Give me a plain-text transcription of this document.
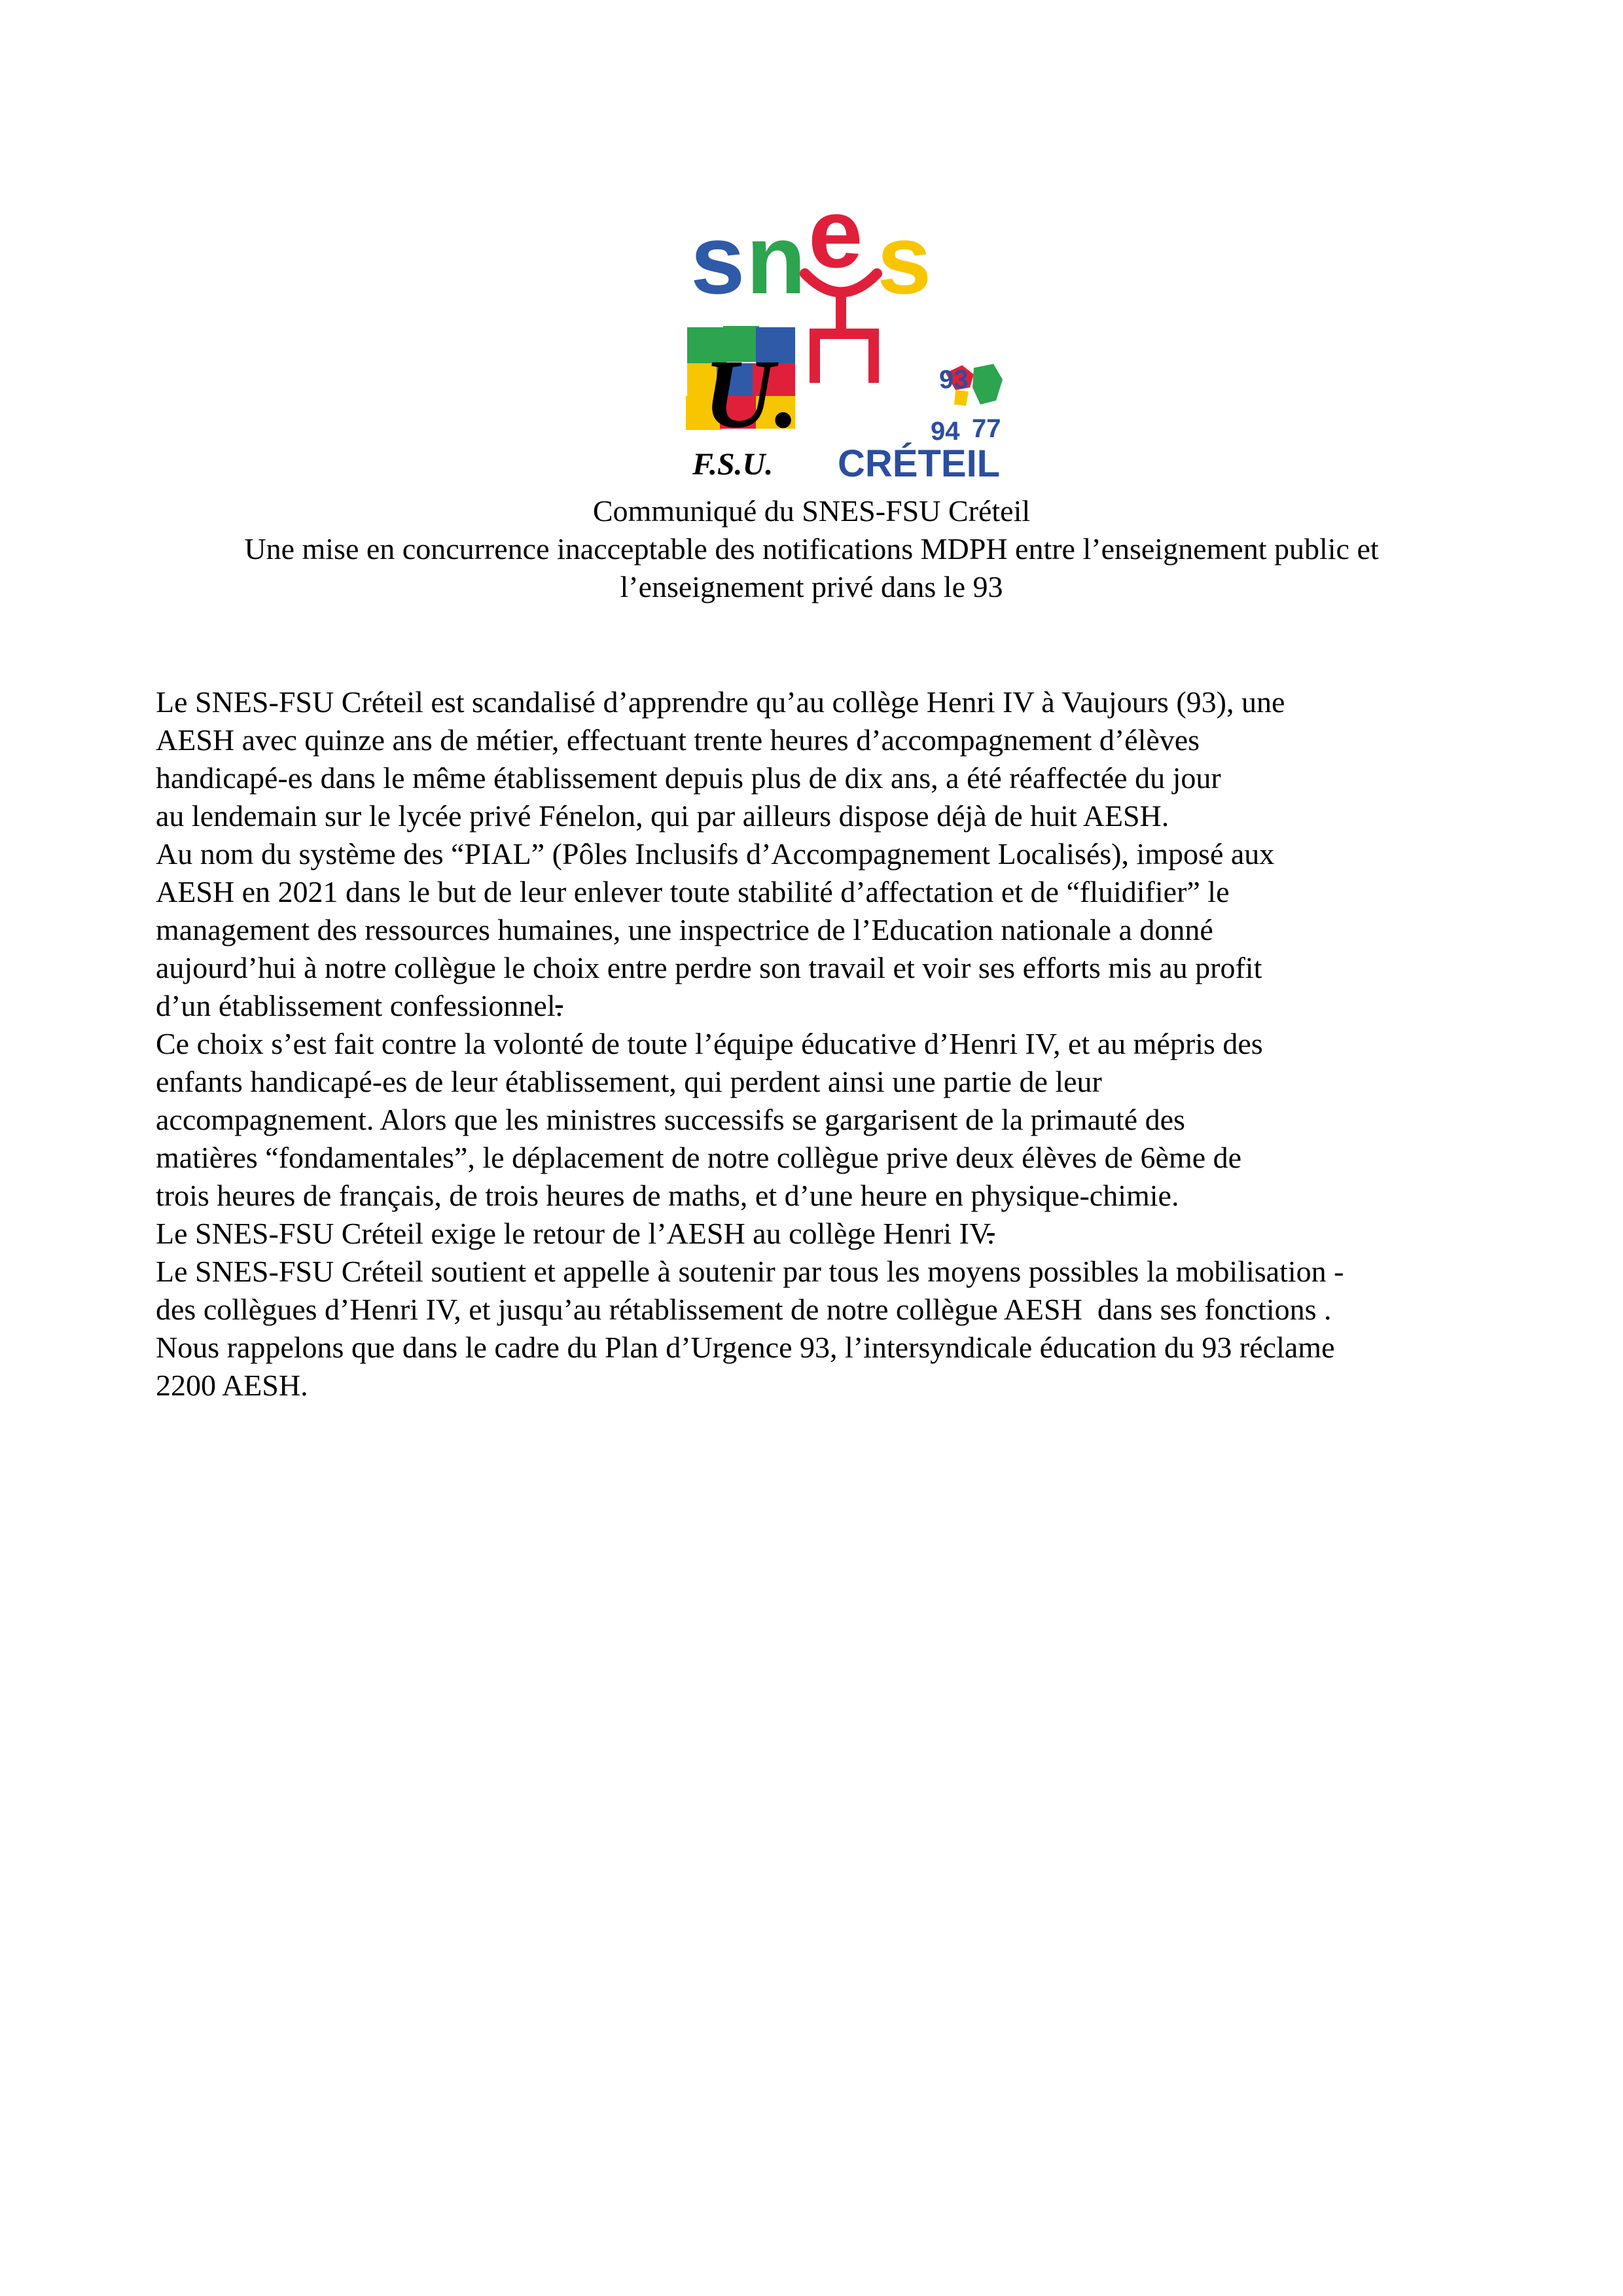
s n e s
U.
F.S.U.
93
94 77
CRÉTEIL
Communiqué du SNES-FSU Créteil
Une mise en concurrence inacceptable des notifications MDPH entre l’enseignement public et
l’enseignement privé dans le 93
Le SNES-FSU Créteil est scandalisé d’apprendre qu’au collège Henri IV à Vaujours (93), une
AESH avec quinze ans de métier, effectuant trente heures d’accompagnement d’élèves
handicapé-es dans le même établissement depuis plus de dix ans, a été réaffectée du jour
au lendemain sur le lycée privé Fénelon, qui par ailleurs dispose déjà de huit AESH.
Au nom du système des “PIAL” (Pôles Inclusifs d’Accompagnement Localisés), imposé aux
AESH en 2021 dans le but de leur enlever toute stabilité d’affectation et de “fluidifier” le
management des ressources humaines, une inspectrice de l’Education nationale a donné
aujourd’hui à notre collègue le choix entre perdre son travail et voir ses efforts mis au profit
d’un établissement confessionnel.
Ce choix s’est fait contre la volonté de toute l’équipe éducative d’Henri IV, et au mépris des
enfants handicapé-es de leur établissement, qui perdent ainsi une partie de leur
accompagnement. Alors que les ministres successifs se gargarisent de la primauté des
matières “fondamentales”, le déplacement de notre collègue prive deux élèves de 6ème de
trois heures de français, de trois heures de maths, et d’une heure en physique-chimie.
Le SNES-FSU Créteil exige le retour de l’AESH au collège Henri IV.
Le SNES-FSU Créteil soutient et appelle à soutenir par tous les moyens possibles la mobilisation -
des collègues d’Henri IV, et jusqu’au rétablissement de notre collègue AESH  dans ses fonctions .
Nous rappelons que dans le cadre du Plan d’Urgence 93, l’intersyndicale éducation du 93 réclame
2200 AESH.
